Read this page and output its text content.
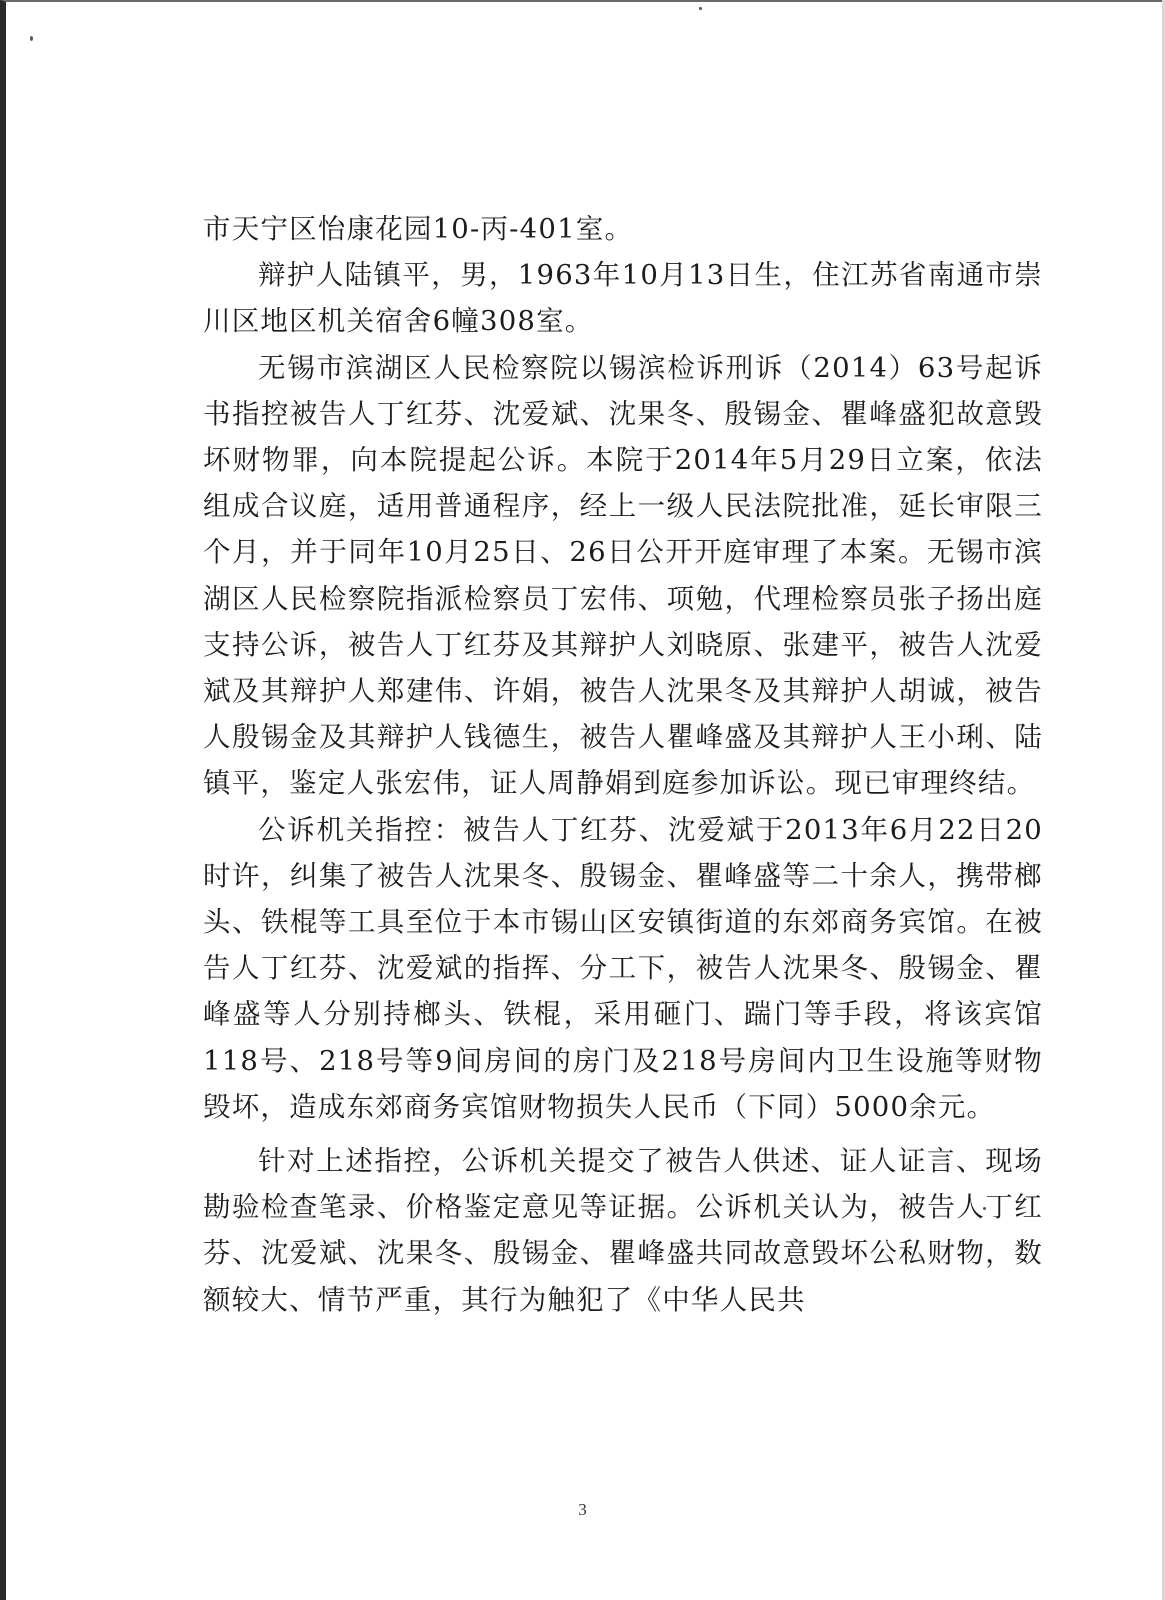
市天宁区怡康花园10-丙-401室。

辩护人陆镇平，男，1963年10月13日生，住江苏省南通市崇川区地区机关宿舍6幢308室。

无锡市滨湖区人民检察院以锡滨检诉刑诉（2014）63号起诉书指控被告人丁红芬、沈爱斌、沈果冬、殷锡金、瞿峰盛犯故意毁坏财物罪，向本院提起公诉。本院于2014年5月29日立案，依法组成合议庭，适用普通程序，经上一级人民法院批准，延长审限三个月，并于同年10月25日、26日公开开庭审理了本案。无锡市滨湖区人民检察院指派检察员丁宏伟、项勉，代理检察员张子扬出庭支持公诉，被告人丁红芬及其辩护人刘晓原、张建平，被告人沈爱斌及其辩护人郑建伟、许娟，被告人沈果冬及其辩护人胡诚，被告人殷锡金及其辩护人钱德生，被告人瞿峰盛及其辩护人王小琍、陆镇平，鉴定人张宏伟，证人周静娟到庭参加诉讼。现已审理终结。

公诉机关指控：被告人丁红芬、沈爱斌于2013年6月22日20时许，纠集了被告人沈果冬、殷锡金、瞿峰盛等二十余人，携带榔头、铁棍等工具至位于本市锡山区安镇街道的东郊商务宾馆。在被告人丁红芬、沈爱斌的指挥、分工下，被告人沈果冬、殷锡金、瞿峰盛等人分别持榔头、铁棍，采用砸门、踹门等手段，将该宾馆118号、218号等9间房间的房门及218号房间内卫生设施等财物毁坏，造成东郊商务宾馆财物损失人民币（下同）5000余元。

针对上述指控，公诉机关提交了被告人供述、证人证言、现场勘验检查笔录、价格鉴定意见等证据。公诉机关认为，被告人丁红芬、沈爱斌、沈果冬、殷锡金、瞿峰盛共同故意毁坏公私财物，数额较大、情节严重，其行为触犯了《中华人民共

3
